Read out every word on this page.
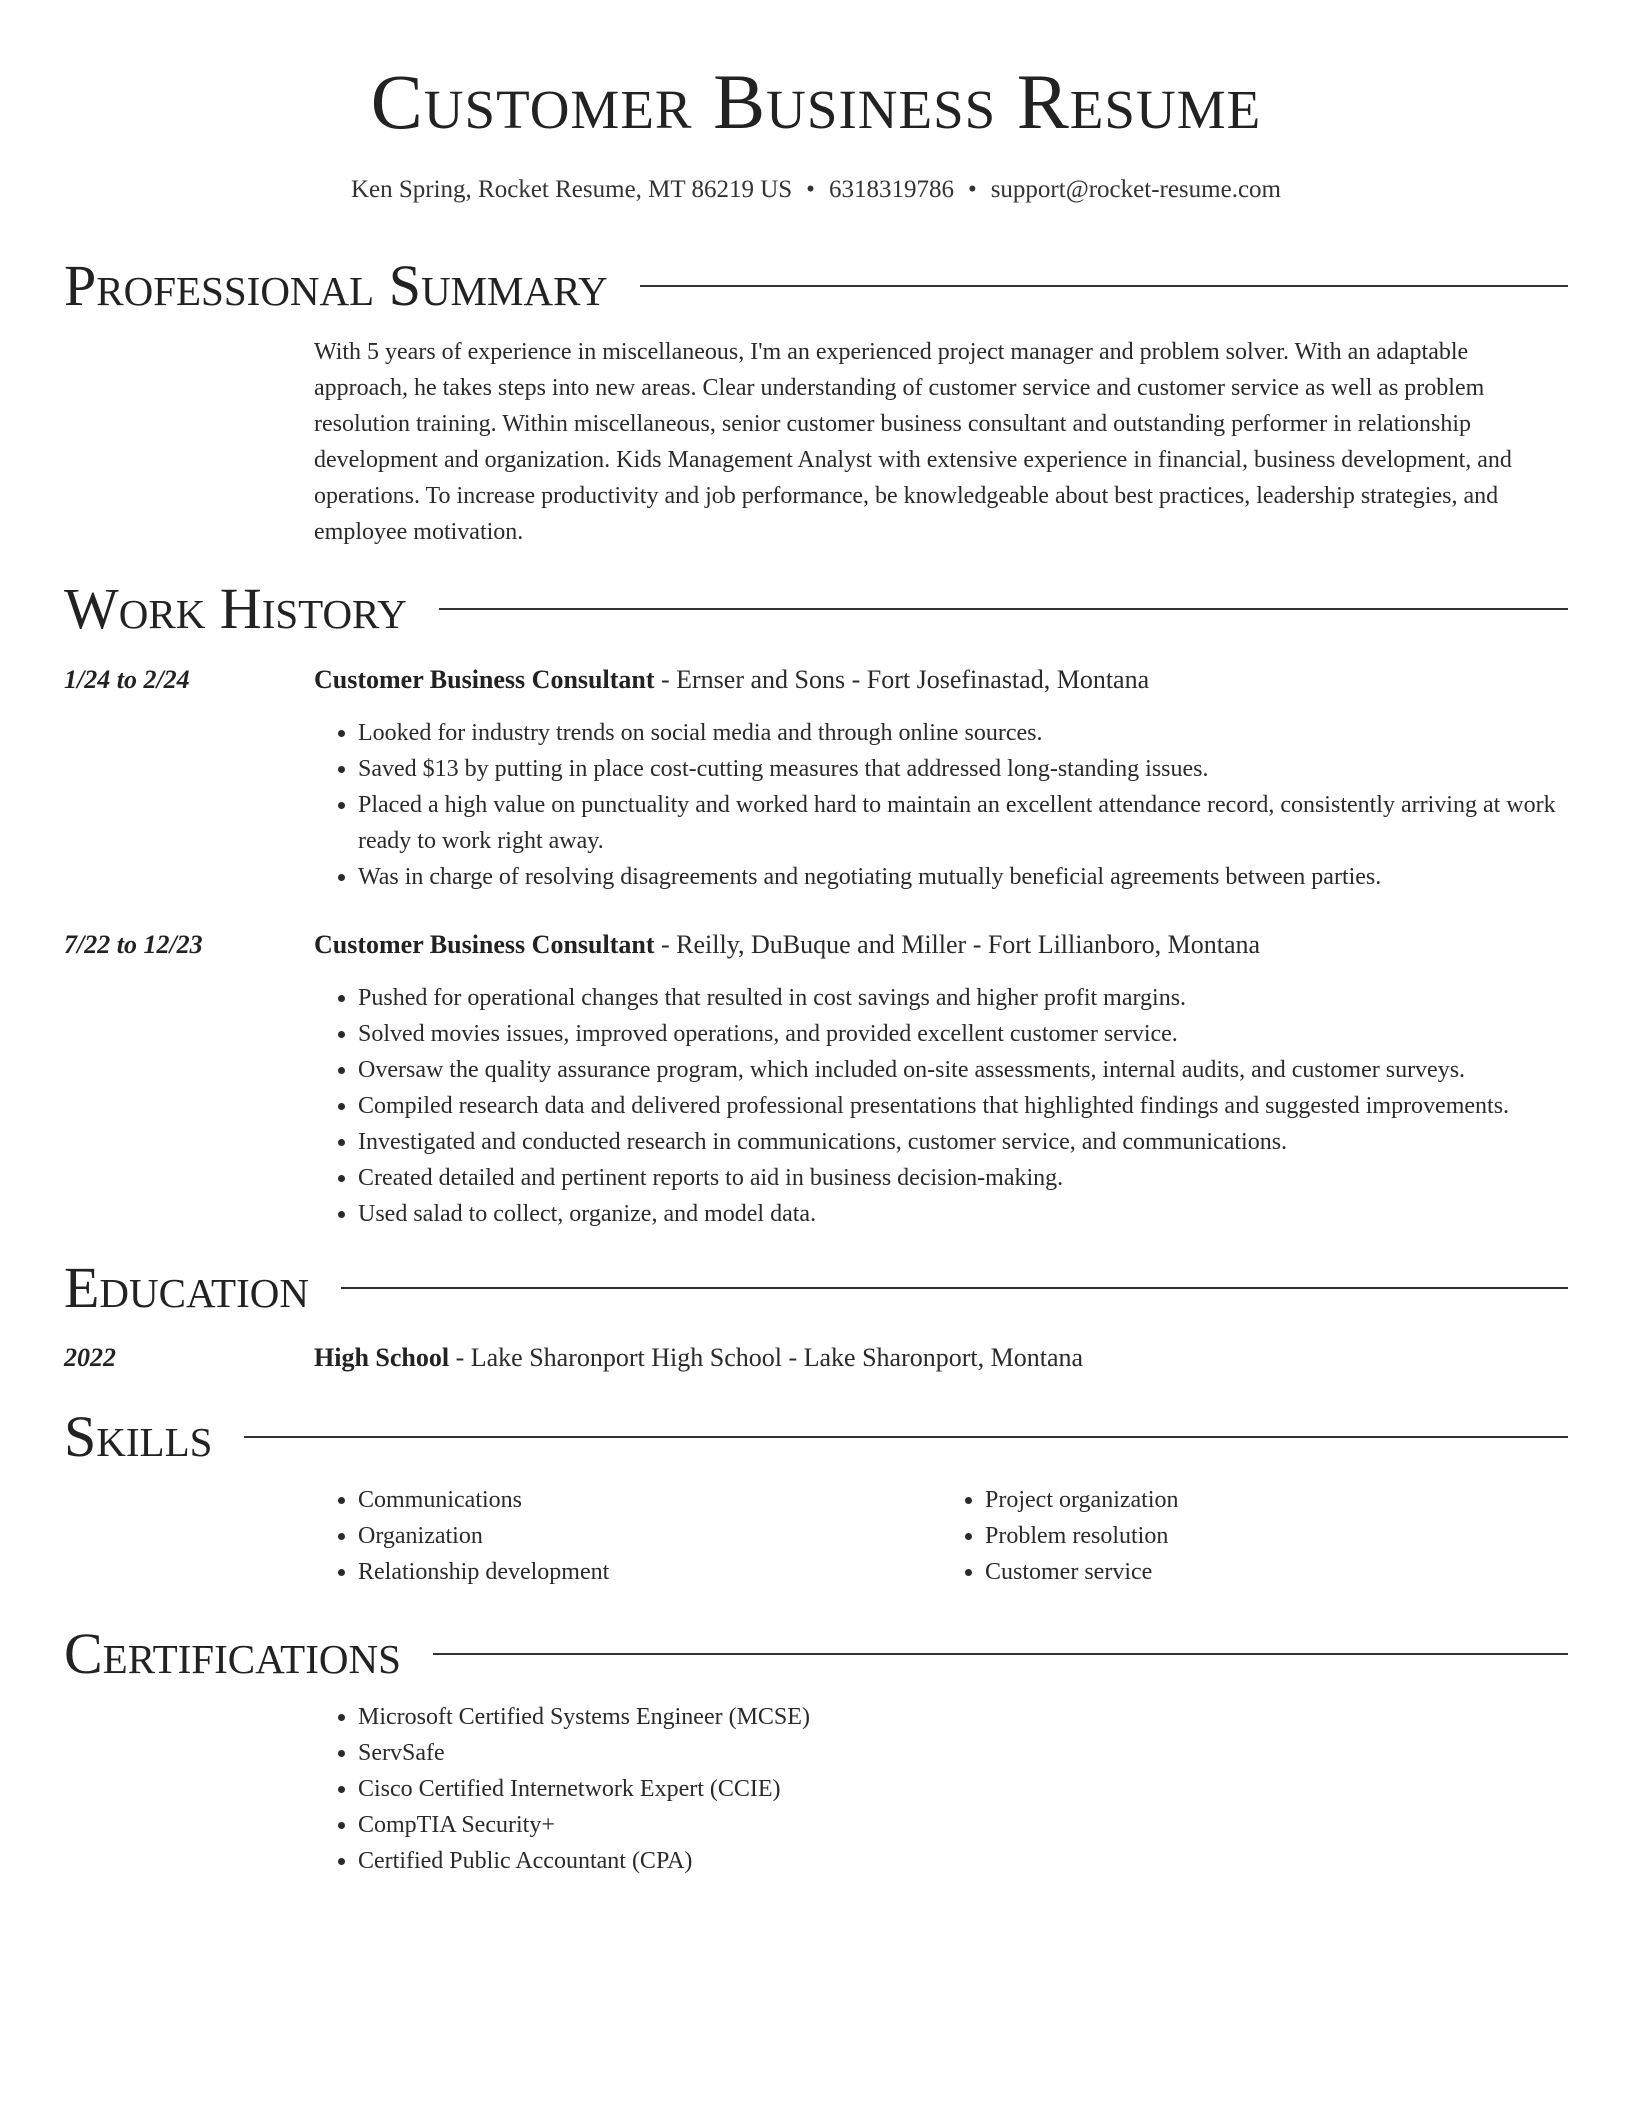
Customer Business Resume
Ken Spring, Rocket Resume, MT 86219 US • 6318319786 • support@rocket-resume.com
Professional Summary
With 5 years of experience in miscellaneous, I'm an experienced project manager and problem solver. With an adaptable approach, he takes steps into new areas. Clear understanding of customer service and customer service as well as problem resolution training. Within miscellaneous, senior customer business consultant and outstanding performer in relationship development and organization. Kids Management Analyst with extensive experience in financial, business development, and operations. To increase productivity and job performance, be knowledgeable about best practices, leadership strategies, and employee motivation.
Work History
1/24 to 2/24	Customer Business Consultant - Ernser and Sons - Fort Josefinastad, Montana
• Looked for industry trends on social media and through online sources.
• Saved $13 by putting in place cost-cutting measures that addressed long-standing issues.
• Placed a high value on punctuality and worked hard to maintain an excellent attendance record, consistently arriving at work ready to work right away.
• Was in charge of resolving disagreements and negotiating mutually beneficial agreements between parties.
7/22 to 12/23	Customer Business Consultant - Reilly, DuBuque and Miller - Fort Lillianboro, Montana
• Pushed for operational changes that resulted in cost savings and higher profit margins.
• Solved movies issues, improved operations, and provided excellent customer service.
• Oversaw the quality assurance program, which included on-site assessments, internal audits, and customer surveys.
• Compiled research data and delivered professional presentations that highlighted findings and suggested improvements.
• Investigated and conducted research in communications, customer service, and communications.
• Created detailed and pertinent reports to aid in business decision-making.
• Used salad to collect, organize, and model data.
Education
2022	High School - Lake Sharonport High School - Lake Sharonport, Montana
Skills
• Communications
• Organization
• Relationship development
• Project organization
• Problem resolution
• Customer service
Certifications
• Microsoft Certified Systems Engineer (MCSE)
• ServSafe
• Cisco Certified Internetwork Expert (CCIE)
• CompTIA Security+
• Certified Public Accountant (CPA)
